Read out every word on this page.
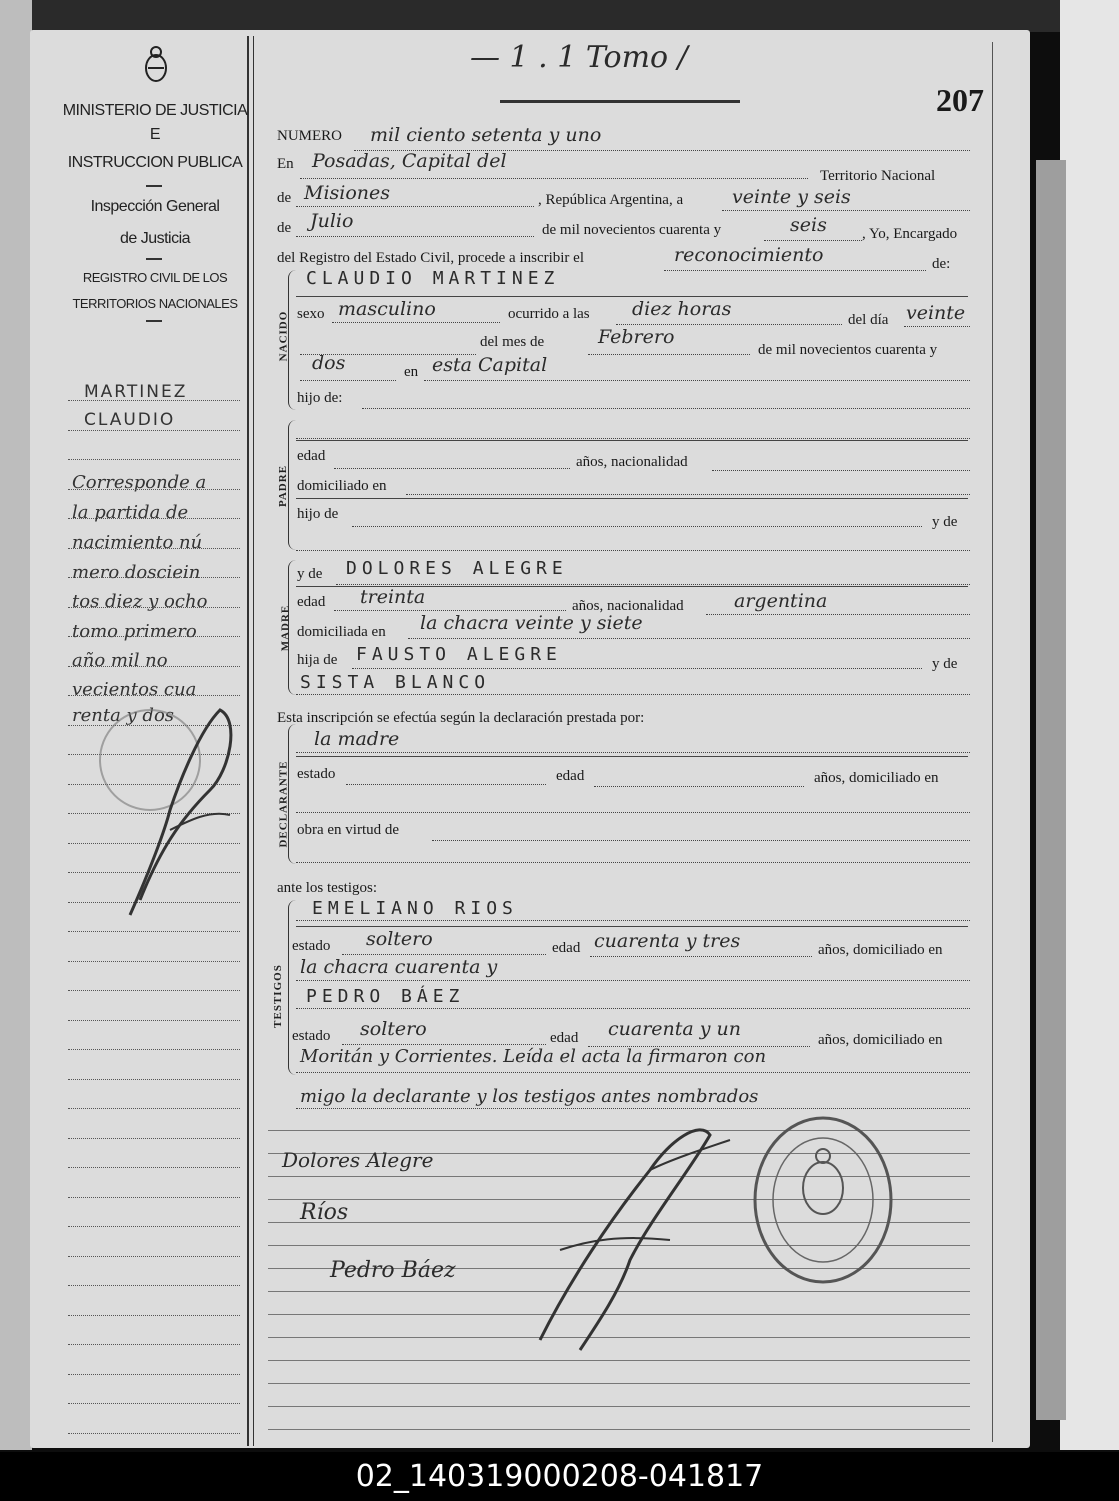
MINISTERIO DE JUSTICIA
E
INSTRUCCION PUBLICA
Inspección General
de Justicia
REGISTRO CIVIL DE LOS
TERRITORIOS NACIONALES
MARTINEZ
CLAUDIO
Corresponde a
la partida de
nacimiento nú
mero dosciein
tos diez y ocho
tomo primero
año mil no
vecientos cua
renta y dos
— 1 . 1 Tomo /
207
NUMERO mil ciento setenta y uno
En Posadas, Capital del
Territorio Nacional
de Misiones	, República Argentina, a	veinte y seis
de Julio	de mil novecientos cuarenta y	seis , Yo, Encargado
del Registro del Estado Civil, procede a inscribir el	reconocimiento	de:
NACIDO
CLAUDIO MARTINEZ
sexo masculino	ocurrido a las diez horas	del día veinte
del mes de	Febrero
de mil novecientos cuarenta y
dos	en esta Capital
hijo de:
PADRE
edad	años, nacionalidad
domiciliado en
hijo de	y de
MADRE
y de DOLORES ALEGRE
edad treinta	años, nacionalidad	argentina
domiciliada en la chacra veinte y siete
hija de FAUSTO ALEGRE	y de
SISTA BLANCO
Esta inscripción se efectúa según la declaración prestada por:
DECLARANTE
la madre
estado	edad	años, domiciliado en
obra en virtud de
ante los testigos:
TESTIGOS
EMELIANO RIOS
estado soltero	edad cuarenta y tres	años, domiciliado en
la chacra cuarenta y
PEDRO BÁEZ
estado soltero	edad cuarenta y un	años, domiciliado en
Moritán y Corrientes. Leída el acta la firmaron con
migo la declarante y los testigos antes nombrados
Dolores Alegre
Ríos
Pedro Báez
02_140319000208-041817
